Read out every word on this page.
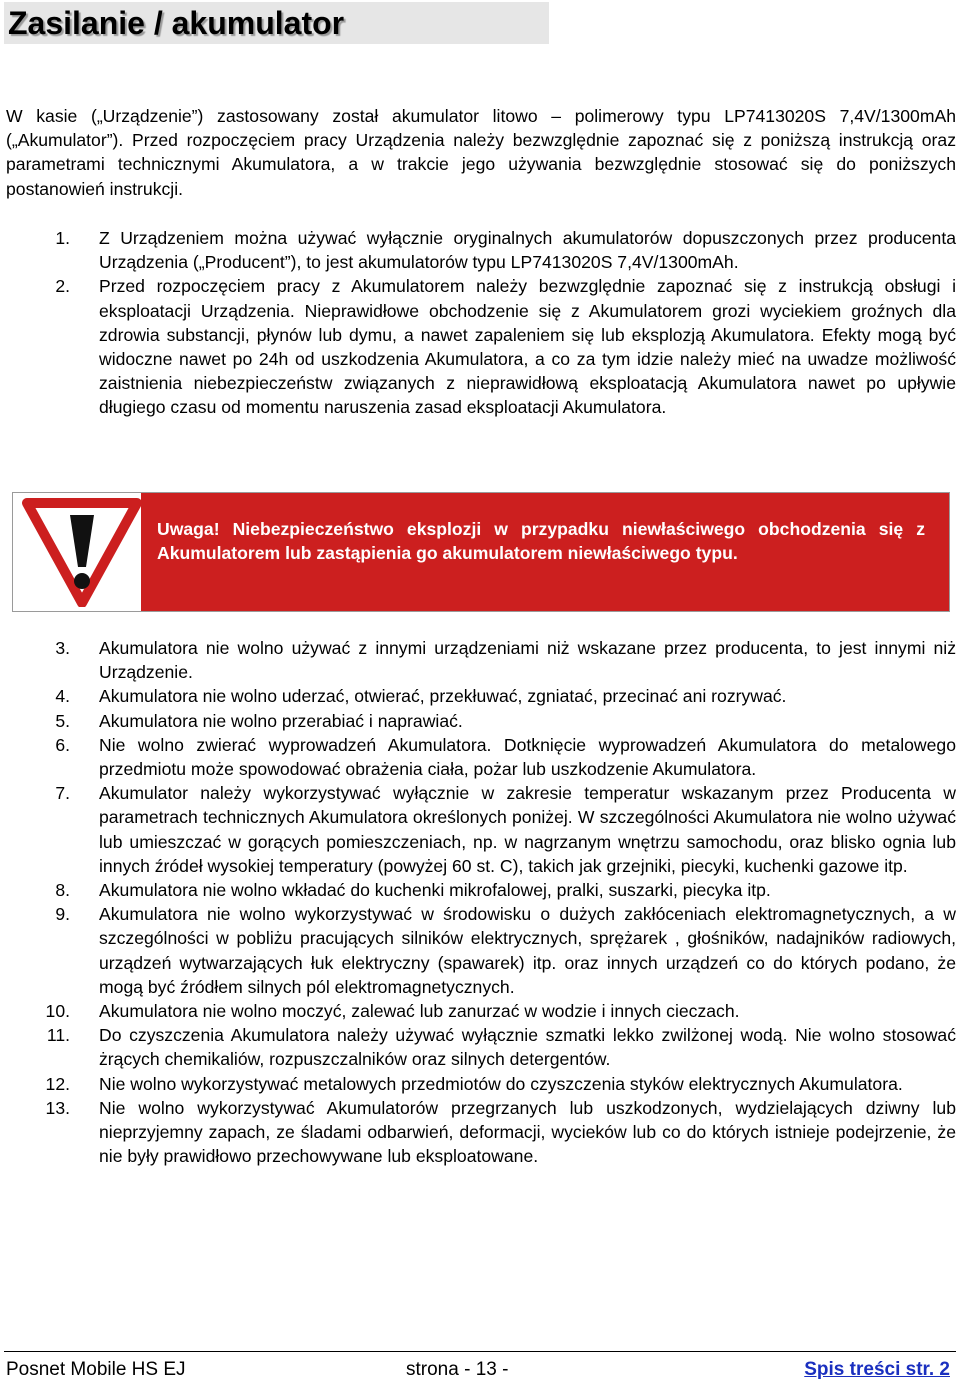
Zasilanie / akumulator

W kasie („Urządzenie”) zastosowany został akumulator litowo – polimerowy typu LP7413020S 7,4V/1300mAh („Akumulator”). Przed rozpoczęciem pracy Urządzenia należy bezwzględnie zapoznać się z poniższą instrukcją oraz parametrami technicznymi Akumulatora, a w trakcie jego używania bezwzględnie stosować się do poniższych postanowień instrukcji.

1. Z Urządzeniem można używać wyłącznie oryginalnych akumulatorów dopuszczonych przez producenta Urządzenia („Producent”), to jest akumulatorów typu LP7413020S 7,4V/1300mAh.
2. Przed rozpoczęciem pracy z Akumulatorem należy bezwzględnie zapoznać się z instrukcją obsługi i eksploatacji Urządzenia. Nieprawidłowe obchodzenie się z Akumulatorem grozi wyciekiem groźnych dla zdrowia substancji, płynów lub dymu, a nawet zapaleniem się lub eksplozją Akumulatora. Efekty mogą być widoczne nawet po 24h od uszkodzenia Akumulatora, a co za tym idzie należy mieć na uwadze możliwość zaistnienia niebezpieczeństw związanych z nieprawidłową eksploatacją Akumulatora nawet po upływie długiego czasu od momentu naruszenia zasad eksploatacji Akumulatora.

Uwaga! Niebezpieczeństwo eksplozji w przypadku niewłaściwego obchodzenia się z Akumulatorem lub zastąpienia go akumulatorem niewłaściwego typu.

3. Akumulatora nie wolno używać z innymi urządzeniami niż wskazane przez producenta, to jest innymi niż Urządzenie.
4. Akumulatora nie wolno uderzać, otwierać, przekłuwać, zgniatać, przecinać ani rozrywać.
5. Akumulatora nie wolno przerabiać i naprawiać.
6. Nie wolno zwierać wyprowadzeń Akumulatora. Dotknięcie wyprowadzeń Akumulatora do metalowego przedmiotu może spowodować obrażenia ciała, pożar lub uszkodzenie Akumulatora.
7. Akumulator należy wykorzystywać wyłącznie w zakresie temperatur wskazanym przez Producenta w parametrach technicznych Akumulatora określonych poniżej. W szczególności Akumulatora nie wolno używać lub umieszczać w gorących pomieszczeniach, np. w nagrzanym wnętrzu samochodu, oraz blisko ognia lub innych źródeł wysokiej temperatury (powyżej 60 st. C), takich jak grzejniki, piecyki, kuchenki gazowe itp.
8. Akumulatora nie wolno wkładać do kuchenki mikrofalowej, pralki, suszarki, piecyka itp.
9. Akumulatora nie wolno wykorzystywać w środowisku o dużych zakłóceniach elektromagnetycznych, a w szczególności w pobliżu pracujących silników elektrycznych, sprężarek , głośników, nadajników radiowych, urządzeń wytwarzających łuk elektryczny (spawarek) itp. oraz innych urządzeń co do których podano, że mogą być źródłem silnych pól elektromagnetycznych.
10. Akumulatora nie wolno moczyć, zalewać lub zanurzać w wodzie i innych cieczach.
11. Do czyszczenia Akumulatora należy używać wyłącznie szmatki lekko zwilżonej wodą. Nie wolno stosować żrących chemikaliów, rozpuszczalników oraz silnych detergentów.
12. Nie wolno wykorzystywać metalowych przedmiotów do czyszczenia styków elektrycznych Akumulatora.
13. Nie wolno wykorzystywać Akumulatorów przegrzanych lub uszkodzonych, wydzielających dziwny lub nieprzyjemny zapach, ze śladami odbarwień, deformacji, wycieków lub co do których istnieje podejrzenie, że nie były prawidłowo przechowywane lub eksploatowane.
Posnet Mobile HS EJ	strona - 13 -	Spis treści str. 2
